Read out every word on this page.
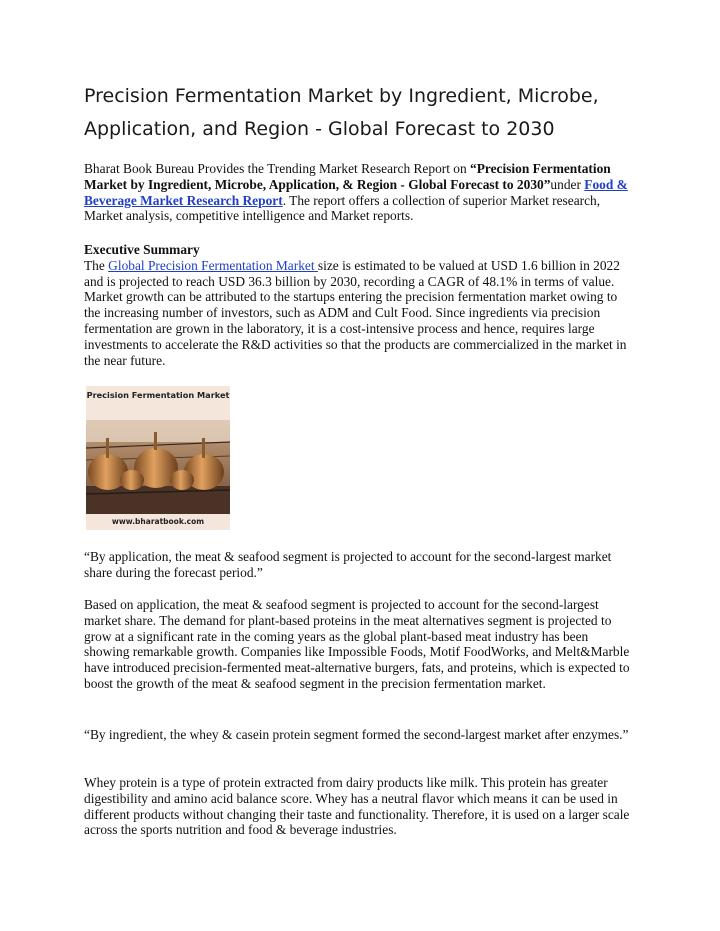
Precision Fermentation Market by Ingredient, Microbe, Application, and Region - Global Forecast to 2030

Bharat Book Bureau Provides the Trending Market Research Report on “Precision Fermentation Market by Ingredient, Microbe, Application, & Region - Global Forecast to 2030”under Food & Beverage Market Research Report. The report offers a collection of superior Market research, Market analysis, competitive intelligence and Market reports.

Executive Summary
The Global Precision Fermentation Market size is estimated to be valued at USD 1.6 billion in 2022 and is projected to reach USD 36.3 billion by 2030, recording a CAGR of 48.1% in terms of value. Market growth can be attributed to the startups entering the precision fermentation market owing to the increasing number of investors, such as ADM and Cult Food. Since ingredients via precision fermentation are grown in the laboratory, it is a cost-intensive process and hence, requires large investments to accelerate the R&D activities so that the products are commercialized in the market in the near future.
Precision Fermentation Market
www.bharatbook.com

“By application, the meat & seafood segment is projected to account for the second-largest market share during the forecast period.”

Based on application, the meat & seafood segment is projected to account for the second-largest market share. The demand for plant-based proteins in the meat alternatives segment is projected to grow at a significant rate in the coming years as the global plant-based meat industry has been showing remarkable growth. Companies like Impossible Foods, Motif FoodWorks, and Melt&Marble have introduced precision-fermented meat-alternative burgers, fats, and proteins, which is expected to boost the growth of the meat & seafood segment in the precision fermentation market.

“By ingredient, the whey & casein protein segment formed the second-largest market after enzymes.”

Whey protein is a type of protein extracted from dairy products like milk. This protein has greater digestibility and amino acid balance score. Whey has a neutral flavor which means it can be used in different products without changing their taste and functionality. Therefore, it is used on a larger scale across the sports nutrition and food & beverage industries.
